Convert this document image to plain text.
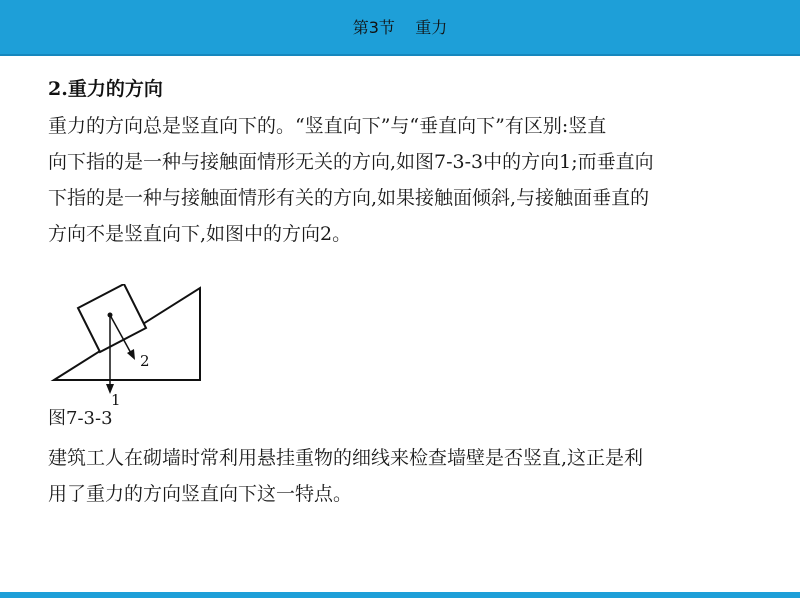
第3节    重力
2.重力的方向
重力的方向总是竖直向下的。“竖直向下”与“垂直向下”有区别:竖直
向下指的是一种与接触面情形无关的方向,如图7-3-3中的方向1;而垂直向
下指的是一种与接触面情形有关的方向,如果接触面倾斜,与接触面垂直的
方向不是竖直向下,如图中的方向2。
2
1
图7-3-3
建筑工人在砌墙时常利用悬挂重物的细线来检查墙壁是否竖直,这正是利
用了重力的方向竖直向下这一特点。
